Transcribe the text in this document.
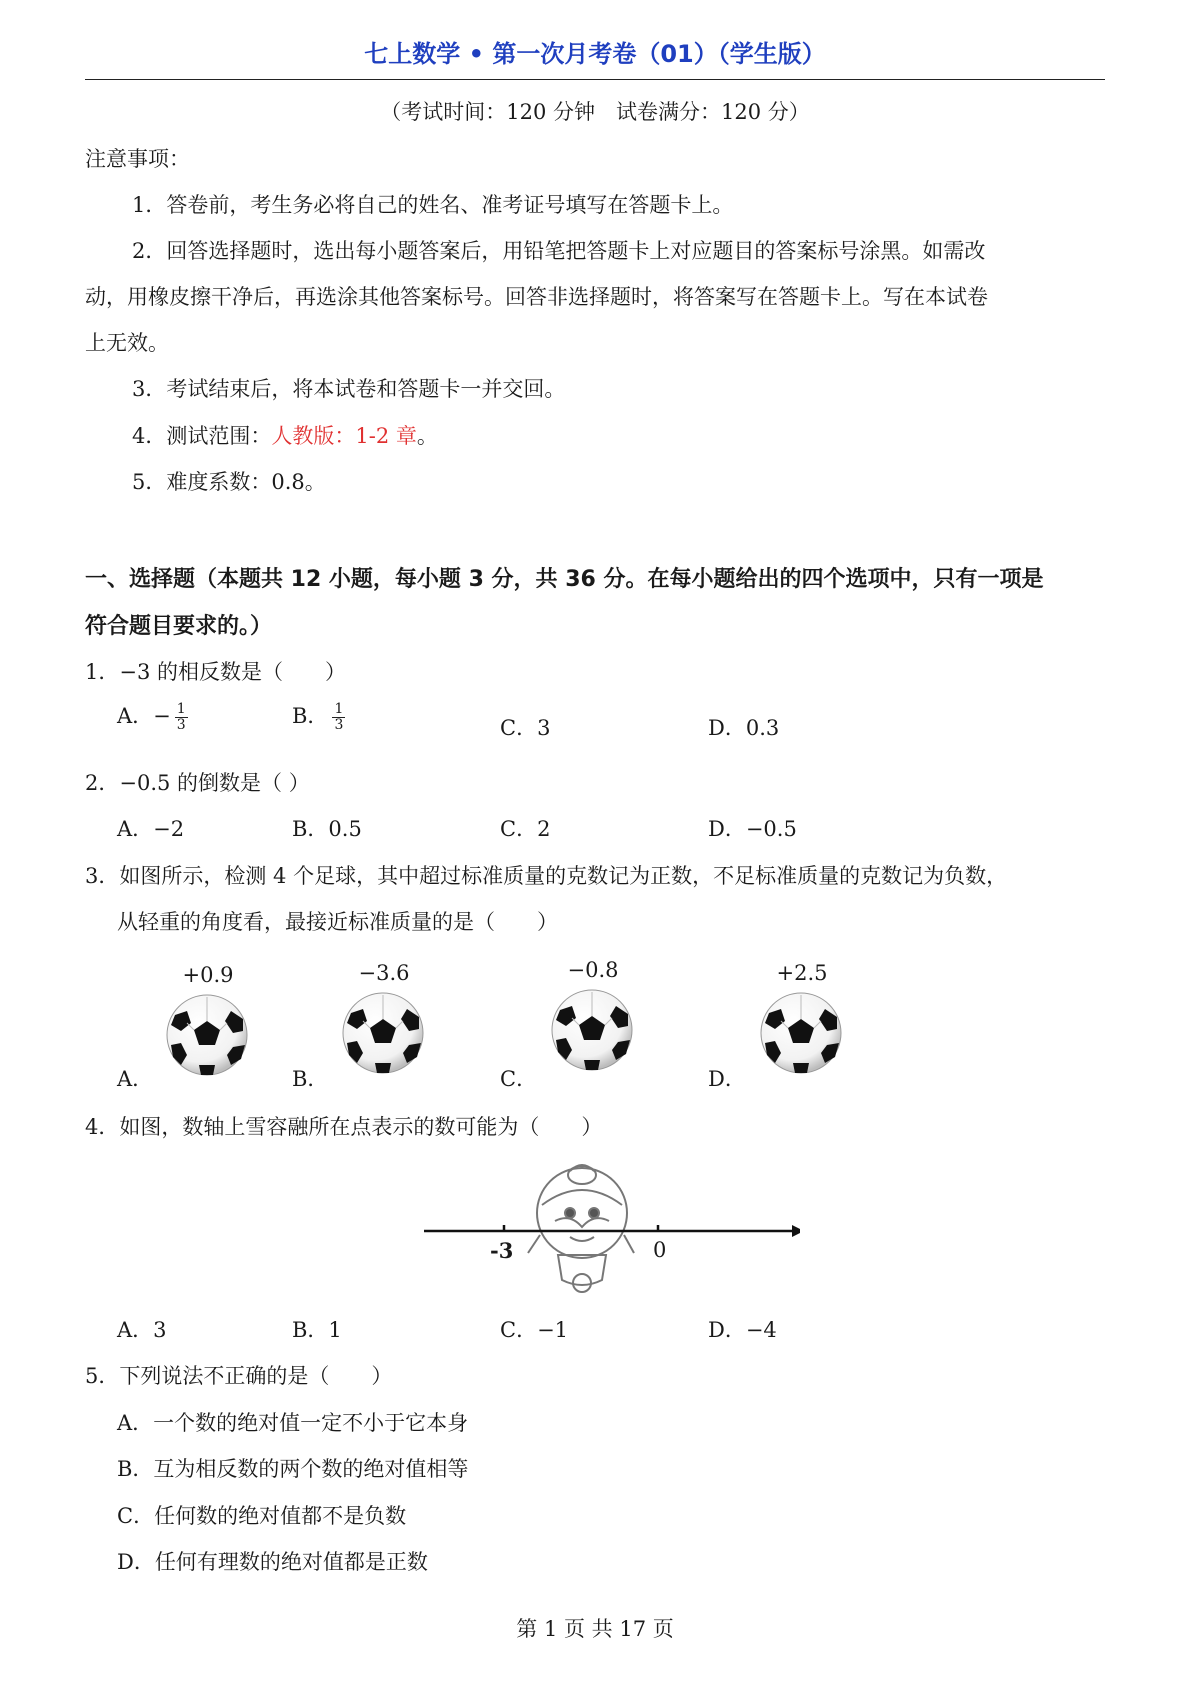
七上数学 • 第一次月考卷（01）（学生版）
（考试时间：120 分钟　试卷满分：120 分）
注意事项：
1．答卷前，考生务必将自己的姓名、准考证号填写在答题卡上。
2．回答选择题时，选出每小题答案后，用铅笔把答题卡上对应题目的答案标号涂黑。如需改
动，用橡皮擦干净后，再选涂其他答案标号。回答非选择题时，将答案写在答题卡上。写在本试卷
上无效。
3．考试结束后，将本试卷和答题卡一并交回。
4．测试范围：人教版：1-2 章。
5．难度系数：0.8。
一、选择题（本题共 12 小题，每小题 3 分，共 36 分。在每小题给出的四个选项中，只有一项是
符合题目要求的。）
1．−3 的相反数是（　　）
A．− $\frac{1}{3}$	B． $\frac{1}{3}$	C．3	D．0.3
2．−0.5 的倒数是（ ）
A．−2	B．0.5	C．2	D．−0.5
3．如图所示，检测 4 个足球，其中超过标准质量的克数记为正数，不足标准质量的克数记为负数，
从轻重的角度看，最接近标准质量的是（　　）
+0.9	−3.6	−0.8	+2.5
A．	B．	C．	D．
4．如图，数轴上雪容融所在点表示的数可能为（　　）
-3	0
A．3	B．1	C．−1	D．−4
5．下列说法不正确的是（　　）
A．一个数的绝对值一定不小于它本身
B．互为相反数的两个数的绝对值相等
C．任何数的绝对值都不是负数
D．任何有理数的绝对值都是正数
第 1 页 共 17 页
